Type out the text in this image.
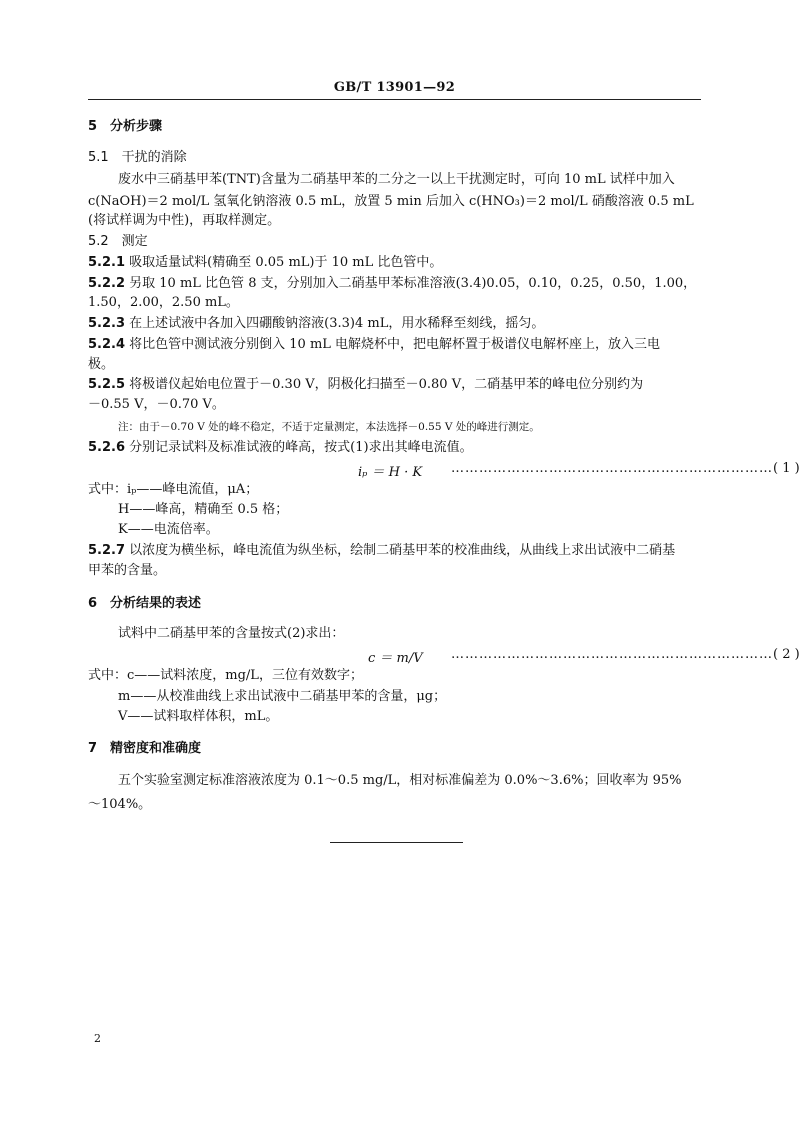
GB/T 13901—92
5　分析步骤
5.1　干扰的消除
废水中三硝基甲苯(TNT)含量为二硝基甲苯的二分之一以上干扰测定时，可向 10 mL 试样中加入
c(NaOH)＝2 mol/L 氢氧化钠溶液 0.5 mL，放置 5 min 后加入 c(HNO₃)＝2 mol/L 硝酸溶液 0.5 mL
(将试样调为中性)，再取样测定。
5.2　测定
5.2.1 吸取适量试料(精确至 0.05 mL)于 10 mL 比色管中。
5.2.2 另取 10 mL 比色管 8 支，分别加入二硝基甲苯标准溶液(3.4)0.05，0.10，0.25，0.50，1.00，
1.50，2.00，2.50 mL。
5.2.3 在上述试液中各加入四硼酸钠溶液(3.3)4 mL，用水稀释至刻线，摇匀。
5.2.4 将比色管中测试液分别倒入 10 mL 电解烧杯中，把电解杯置于极谱仪电解杯座上，放入三电
极。
5.2.5 将极谱仪起始电位置于－0.30 V，阴极化扫描至－0.80 V，二硝基甲苯的峰电位分别约为
－0.55 V，－0.70 V。
注：由于－0.70 V 处的峰不稳定，不适于定量测定，本法选择－0.55 V 处的峰进行测定。
5.2.6 分别记录试料及标准试液的峰高，按式(1)求出其峰电流值。
iₚ ＝ H · K ……………………………………………………………( 1 )
式中：iₚ——峰电流值，μA；
H——峰高，精确至 0.5 格；
K——电流倍率。
5.2.7 以浓度为横坐标，峰电流值为纵坐标，绘制二硝基甲苯的校准曲线，从曲线上求出试液中二硝基
甲苯的含量。
6　分析结果的表述
试料中二硝基甲苯的含量按式(2)求出：
c ＝ m/V ……………………………………………………………( 2 )
式中：c——试料浓度，mg/L，三位有效数字；
m——从校准曲线上求出试液中二硝基甲苯的含量，μg；
V——试料取样体积，mL。
7　精密度和准确度
五个实验室测定标准溶液浓度为 0.1～0.5 mg/L，相对标准偏差为 0.0%～3.6%；回收率为 95%
～104%。
2
